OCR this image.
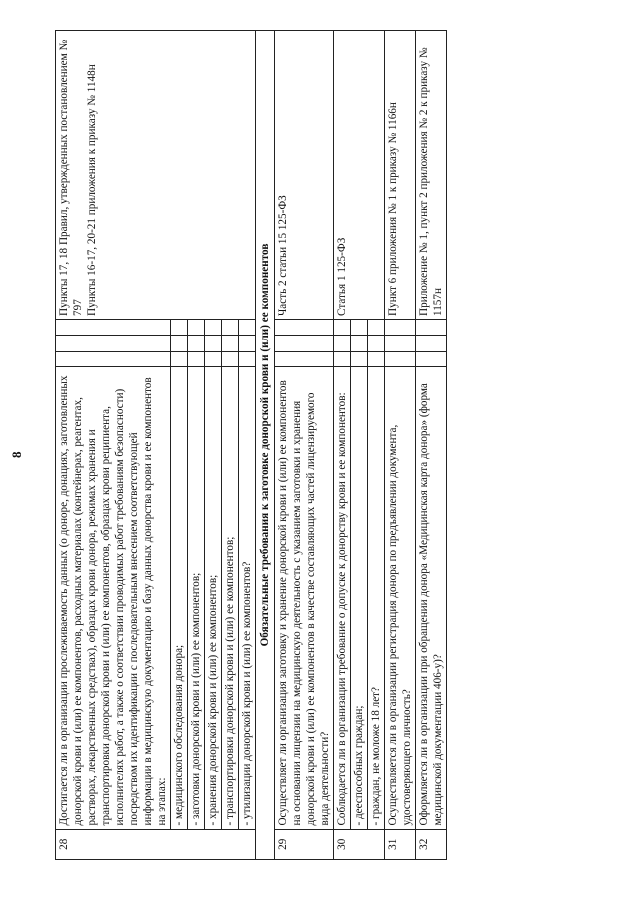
8
28	Достигается ли в организации прослеживаемость данных (о доноре, донациях, заготовленных донорской крови и (или) ее компонентов, расходных материалах (контейнерах, реагентах, растворах, лекарственных средствах), образцах крови донора, режимах хранения и транспортировки донорской крови и (или) ее компонентов, образцах крови реципиента, исполнителях работ, а также о соответствии проводимых работ требованиям безопасности) посредством их идентификации с последовательным внесением соответствующей информации в медицинскую документацию и базу данных донорства крови и ее компонентов на этапах:				Пункты 17, 18 Правил, утвержденных постановлением № 797 Пункты 16-17, 20-21 приложения к приказу № 1148н

	- медицинского обследования донора;				
	- заготовки донорской крови и (или) ее компонентов;				
	- хранения донорской крови и (или) ее компонентов;				
	- транспортировки донорской крови и (или) ее компонентов;				
	- утилизации донорской крови и (или) ее компонентов?				
Обязательные требования к заготовке донорской крови и (или) ее компонентов					
29	Осуществляет ли организация заготовку и хранение донорской крови и (или) ее компонентов на основании лицензии на медицинскую деятельность с указанием заготовки и хранения донорской крови и (или) ее компонентов в качестве составляющих частей лицензируемого вида деятельности?				Часть 2 статьи 15 125-ФЗ

30	Соблюдается ли в организации требование о допуске к донорству крови и ее компонентов:				Статья 1 125-ФЗ

	- дееспособных граждан;				
	- граждан, не моложе 18 лет?				
31	Осуществляется ли в организации регистрация донора по предъявлении документа, удостоверяющего личность?				Пункт 6 приложения № 1 к приказу № 1166н

32	Оформляется ли в организации при обращении донора «Медицинская карта донора» (форма медицинской документации 406-у)?				Приложение № 1, пункт 2 приложения № 2 к приказу № 1157н
